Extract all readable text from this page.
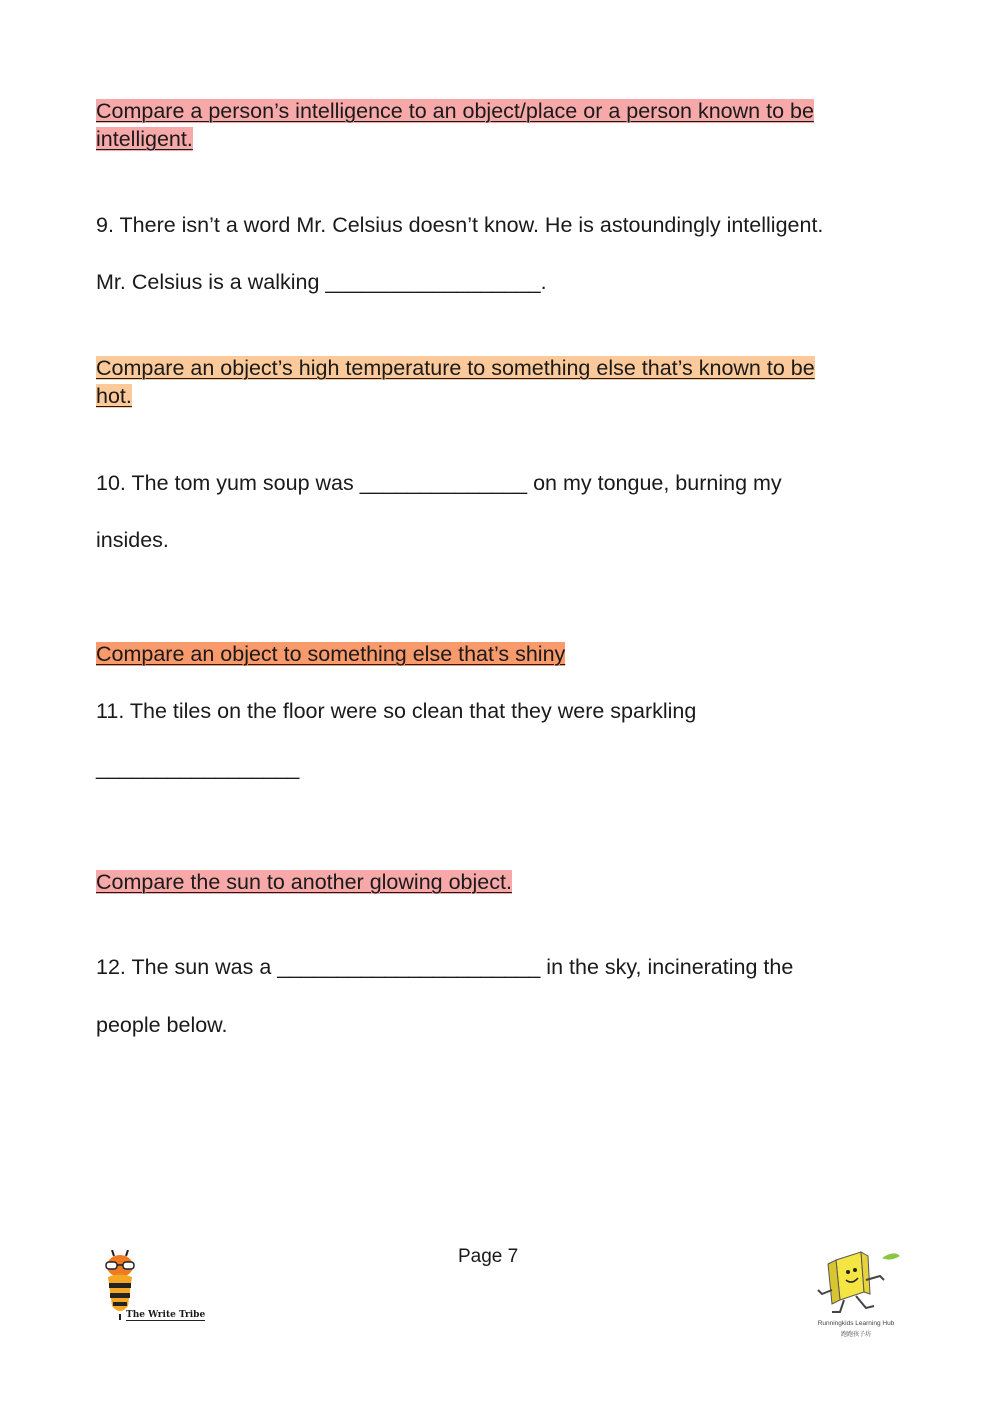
Compare a person’s intelligence to an object/place or a person known to be
intelligent.
9. There isn’t a word Mr. Celsius doesn’t know. He is astoundingly intelligent.
Mr. Celsius is a walking __________________.
Compare an object’s high temperature to something else that’s known to be
hot.
10. The tom yum soup was ______________ on my tongue, burning my
insides.
Compare an object to something else that’s shiny
11. The tiles on the floor were so clean that they were sparkling
_________________
Compare the sun to another glowing object.
12. The sun was a ______________________ in the sky, incinerating the
people below.
Page 7
The Write Tribe
Runningkids Learning Hub
跑跑孩子坊
